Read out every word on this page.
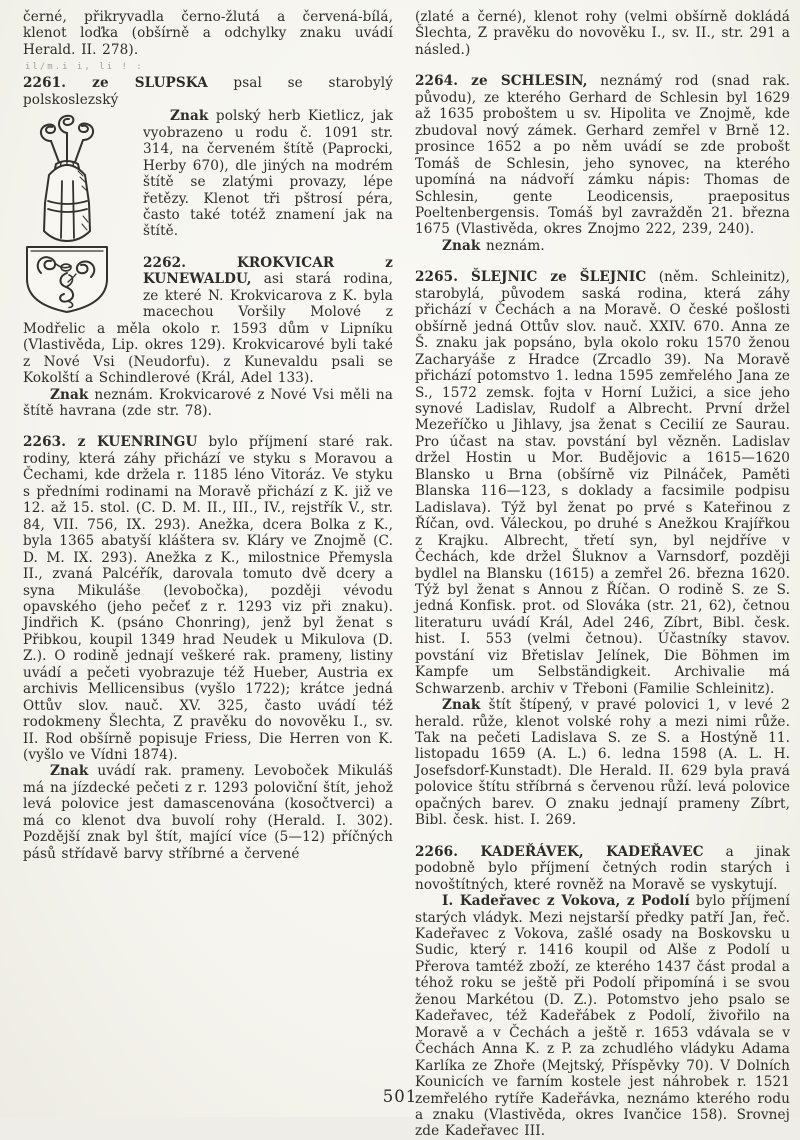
černé, přikryvadla černo-žlutá a červená-bílá, klenot loďka (obšírně a odchylky znaku uvádí Herald. II. 278).

il/m.i i, li ! :

2261. ze SLUPSKA psal se starobylý polskoslezský

Znak polský herb Kietlicz, jak vyobrazeno u rodu č. 1091 str. 314, na červeném štítě (Paprocki, Herby 670), dle jiných na modrém štítě se zlatými provazy, lépe řetězy. Klenot tři pštrosí péra, často také totéž znamení jak na štítě.

2262. KROKVICAR z KUNEWALDU, asi stará rodina, ze které N. Krokvicarova z K. byla macechou Voršily Molové z Modřelic a měla okolo r. 1593 dům v Lipníku (Vlastivěda, Lip. okres 129). Krokvicarové byli také z Nové Vsi (Neudorfu). z Kunevaldu psali se Kokolští a Schindlerové (Král, Adel 133).

Znak neznám. Krokvicarové z Nové Vsi měli na štítě havrana (zde str. 78).

2263. z KUENRINGU bylo příjmení staré rak. rodiny, která záhy přichází ve styku s Moravou a Čechami, kde držela r. 1185 léno Vitoráz. Ve styku s předními rodinami na Moravě přichází z K. již ve 12. až 15. stol. (C. D. M. II., III., IV., rejstřík V., str. 84, VII. 756, IX. 293). Anežka, dcera Bolka z K., byla 1365 abatyší kláštera sv. Kláry ve Znojmě (C. D. M. IX. 293). Anežka z K., milostnice Přemysla II., zvaná Palcéřík, darovala tomuto dvě dcery a syna Mikuláše (levobočka), později vévodu opavského (jeho pečeť z r. 1293 viz při znaku). Jindřich K. (psáno Chonring), jenž byl ženat s Přibkou, koupil 1349 hrad Neudek u Mikulova (D. Z.). O rodině jednají veškeré rak. prameny, listiny uvádí a pečeti vyobrazuje též Hueber, Austria ex archivis Mellicensibus (vyšlo 1722); krátce jedná Ottův slov. nauč. XV. 325, často uvádí též rodokmeny Šlechta, Z pravěku do novověku I., sv. II. Rod obšírně popisuje Friess, Die Herren von K. (vyšlo ve Vídni 1874).

Znak uvádí rak. prameny. Levoboček Mikuláš má na jízdecké pečeti z r. 1293 poloviční štít, jehož levá polovice jest damascenována (kosočtverci) a má co klenot dva buvolí rohy (Herald. I. 302). Pozdější znak byl štít, mající více (5—12) příčných pásů střídavě barvy stříbrné a červené

(zlaté a černé), klenot rohy (velmi obšírně dokládá Šlechta, Z pravěku do novověku I., sv. II., str. 291 a násled.)

2264. ze SCHLESIN, neznámý rod (snad rak. původu), ze kterého Gerhard de Schlesin byl 1629 až 1635 proboštem u sv. Hipolita ve Znojmě, kde zbudoval nový zámek. Gerhard zemřel v Brně 12. prosince 1652 a po něm uvádí se zde probošt Tomáš de Schlesin, jeho synovec, na kterého upomíná na nádvoří zámku nápis: Thomas de Schlesin, gente Leodicensis, praepositus Poeltenbergensis. Tomáš byl zavražděn 21. března 1675 (Vlastivěda, okres Znojmo 222, 239, 240).

Znak neznám.

2265. ŠLEJNIC ze ŠLEJNIC (něm. Schleinitz), starobylá, původem saská rodina, která záhy přichází v Čechách a na Moravě. O české pošlosti obšírně jedná Ottův slov. nauč. XXIV. 670. Anna ze Š. znaku jak popsáno, byla okolo roku 1570 ženou Zacharyáše z Hradce (Zrcadlo 39). Na Moravě přichází potomstvo 1. ledna 1595 zemřelého Jana ze S., 1572 zemsk. fojta v Horní Lužici, a sice jeho synové Ladislav, Rudolf a Albrecht. První držel Mezeříčko u Jihlavy, jsa ženat s Cecilií ze Saurau. Pro účast na stav. povstání byl vězněn. Ladislav držel Hostin u Mor. Budějovic a 1615—1620 Blansko u Brna (obšírně viz Pilnáček, Paměti Blanska 116—123, s doklady a facsimile podpisu Ladislava). Týž byl ženat po prvé s Kateřinou z Říčan, ovd. Váleckou, po druhé s Anežkou Krajířkou z Krajku. Albrecht, třetí syn, byl nejdříve v Čechách, kde držel Šluknov a Varnsdorf, později bydlel na Blansku (1615) a zemřel 26. března 1620. Týž byl ženat s Annou z Říčan. O rodině S. ze S. jedná Konfisk. prot. od Slováka (str. 21, 62), četnou literaturu uvádí Král, Adel 246, Zíbrt, Bibl. česk. hist. I. 553 (velmi četnou). Účastníky stavov. povstání viz Břetislav Jelínek, Die Böhmen im Kampfe um Selbständigkeit. Archivalie má Schwarzenb. archiv v Třeboni (Familie Schleinitz).

Znak štít štípený, v pravé polovici 1, v levé 2 herald. růže, klenot volské rohy a mezi nimi růže. Tak na pečeti Ladislava S. ze S. a Hostýně 11. listopadu 1659 (A. L.) 6. ledna 1598 (A. L. H. Josefsdorf-Kunstadt). Dle Herald. II. 629 byla pravá polovice štítu stříbrná s červenou růží. levá polovice opačných barev. O znaku jednají prameny Zíbrt, Bibl. česk. hist. I. 269.

2266. KADEŘÁVEK, KADEŘAVEC a jinak podobně bylo příjmení četných rodin starých i novoštítných, které rovněž na Moravě se vyskytují.

I. Kadeřavec z Vokova, z Podolí bylo příjmení starých vládyk. Mezi nejstarší předky patří Jan, řeč. Kadeřavec z Vokova, zašlé osady na Boskovsku u Sudic, který r. 1416 koupil od Alše z Podolí u Přerova tamtéž zboží, ze kterého 1437 část prodal a téhož roku se ještě při Podolí připomíná i se svou ženou Markétou (D. Z.). Potomstvo jeho psalo se Kadeřavec, též Kadeřábek z Podolí, živořilo na Moravě a v Čechách a ještě r. 1653 vdávala se v Čechách Anna K. z P. za zchudlého vládyku Adama Karlíka ze Zhoře (Mejtský, Příspěvky 70). V Dolních Kounicích ve farním kostele jest náhrobek r. 1521 zemřelého rytíře Kadeřávka, neznámo kterého rodu a znaku (Vlastivěda, okres Ivančice 158). Srovnej zde Kadeřavec III.

501
